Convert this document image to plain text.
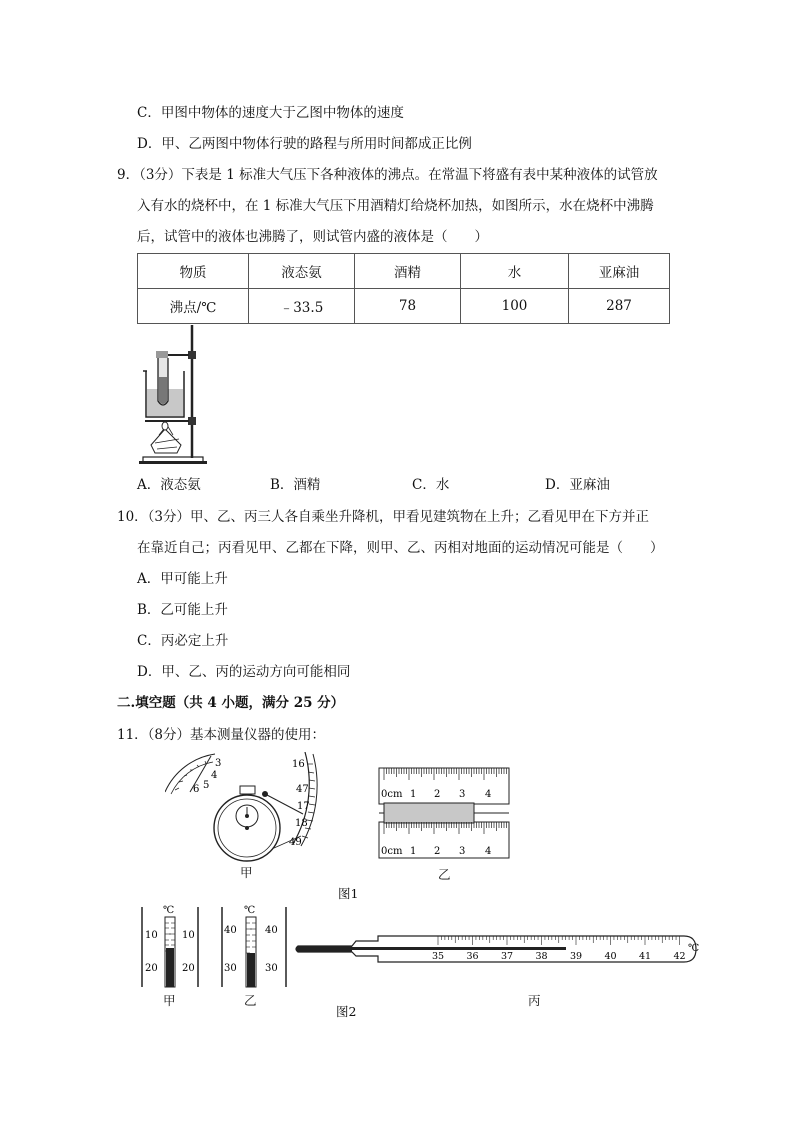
C．甲图中物体的速度大于乙图中物体的速度
D．甲、乙两图中物体行驶的路程与所用时间都成正比例
9．（3分）下表是 1 标准大气压下各种液体的沸点。在常温下将盛有表中某种液体的试管放
入有水的烧杯中，在 1 标准大气压下用酒精灯给烧杯加热，如图所示，水在烧杯中沸腾
后，试管中的液体也沸腾了，则试管内盛的液体是（　　）
物质	液态氨	酒精	水	亚麻油
沸点/℃	﹣33.5	78	100	287
A．液态氨	B．酒精	C．水	D．亚麻油
10．（3分）甲、乙、丙三人各自乘坐升降机，甲看见建筑物在上升；乙看见甲在下方并正
在靠近自己；丙看见甲、乙都在下降，则甲、乙、丙相对地面的运动情况可能是（　　）
A．甲可能上升
B．乙可能上升
C．丙必定上升
D．甲、乙、丙的运动方向可能相同
二.填空题（共 4 小题，满分 25 分）
11．（8分）基本测量仪器的使用：
3
4
5
6
16
47
17
18
49
甲
0cm 1 2 3 4
0cm 1 2 3 4
乙
图1
℃
10 10
20 20
甲
℃
40	40
30	30
乙
℃
35 36 37 38 39 40 41 42
丙
图2
